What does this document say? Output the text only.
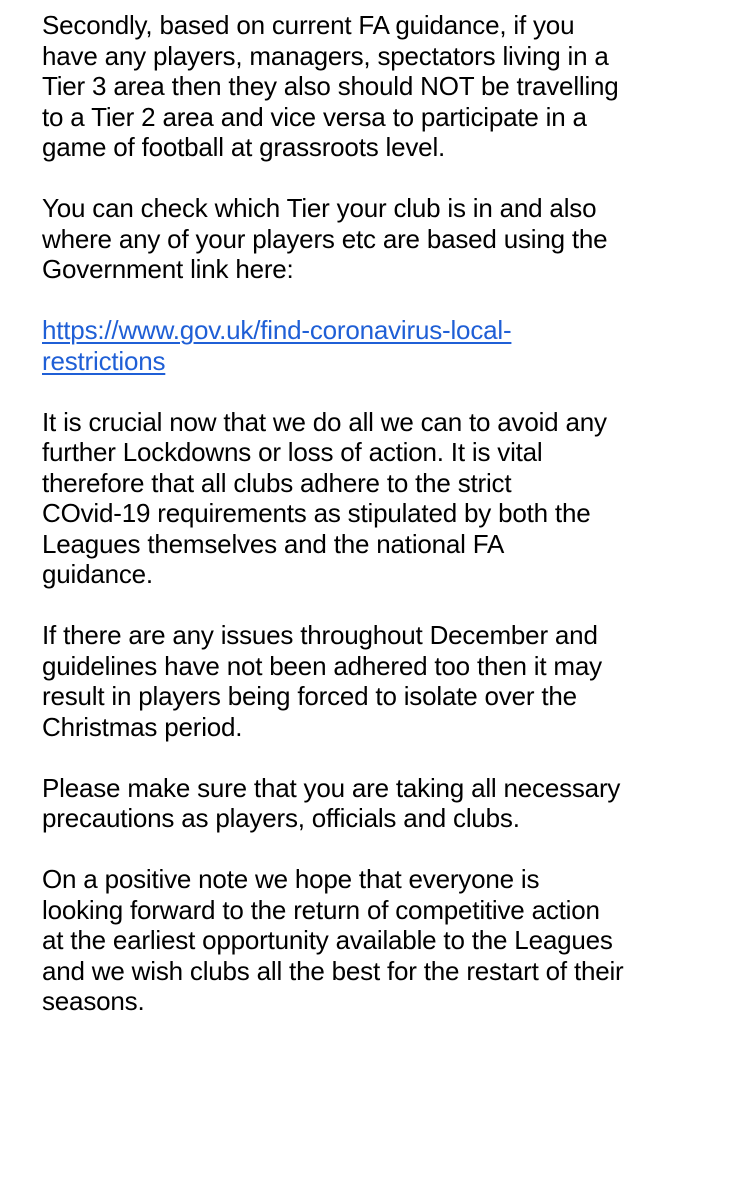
Secondly, based on current FA guidance, if you
have any players, managers, spectators living in a
Tier 3 area then they also should NOT be travelling
to a Tier 2 area and vice versa to participate in a
game of football at grassroots level.

You can check which Tier your club is in and also
where any of your players etc are based using the
Government link here:

https://www.gov.uk/find-coronavirus-local-
restrictions

It is crucial now that we do all we can to avoid any
further Lockdowns or loss of action. It is vital
therefore that all clubs adhere to the strict
COvid-19 requirements as stipulated by both the
Leagues themselves and the national FA
guidance.

If there are any issues throughout December and
guidelines have not been adhered too then it may
result in players being forced to isolate over the
Christmas period.

Please make sure that you are taking all necessary
precautions as players, officials and clubs.

On a positive note we hope that everyone is
looking forward to the return of competitive action
at the earliest opportunity available to the Leagues
and we wish clubs all the best for the restart of their
seasons.
